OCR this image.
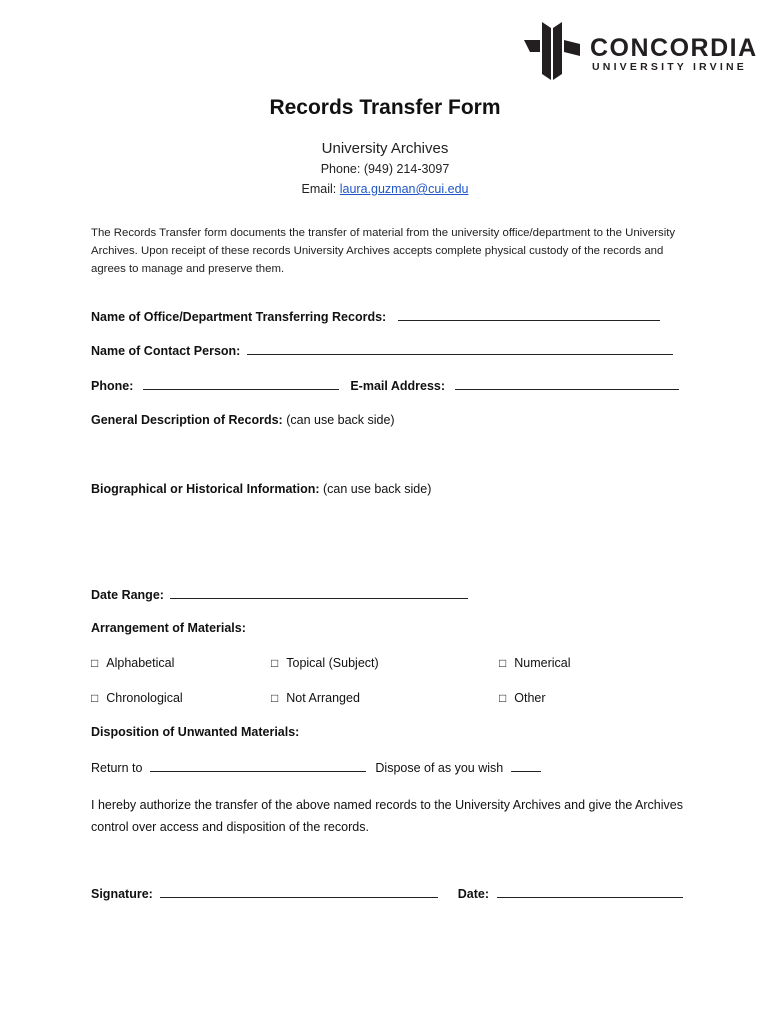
CONCORDIA
UNIVERSITY IRVINE
Records Transfer Form
University Archives
Phone: (949) 214-3097
Email: laura.guzman@cui.edu
The Records Transfer form documents the transfer of material from the university office/department to the University Archives. Upon receipt of these records University Archives accepts complete physical custody of the records and agrees to manage and preserve them.
Name of Office/Department Transferring Records:
Name of Contact Person:
Phone:	E-mail Address:
General Description of Records: (can use back side)
Biographical or Historical Information: (can use back side)
Date Range:
Arrangement of Materials:
□ Alphabetical	□ Topical (Subject)	□ Numerical
□ Chronological	□ Not Arranged	□ Other
Disposition of Unwanted Materials:
Return to	Dispose of as you wish
I hereby authorize the transfer of the above named records to the University Archives and give the Archives control over access and disposition of the records.
Signature:	Date:
